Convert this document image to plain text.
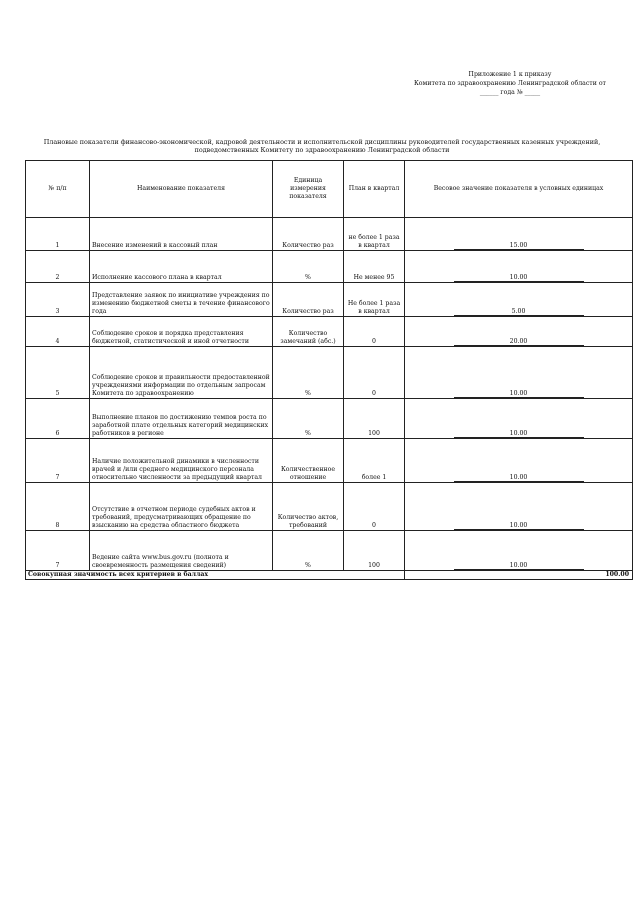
Приложение 1 к приказу
Комитета по здравоохранению Ленинградской области от
______ года № _____
Плановые показатели финансово-экономической, кадровой деятельности и исполнительской дисциплины руководителей государственных казенных учреждений,
подведомственных Комитету по здравоохранению Ленинградской области
№ п/п	Наименование показателя	Единица измерения показателя	План в квартал	Весовое значение показателя в условных единицах
1	Внесение изменений в кассовый план	Количество раз	не более 1 раза в квартал	15.00
2	Исполнение кассового плана в квартал	%	Не менее 95	10.00
3	Представление заявок по инициативе учреждения по изменению бюджетной сметы в течение финансового года	Количество раз	Не более 1 раза в квартал	5.00
4	Соблюдение сроков и порядка представления бюджетной, статистической и иной отчетности	Количество замечаний (абс.)	0	20.00
5	Соблюдение сроков и правильности предоставленной учреждениями информации по отдельным запросам Комитета по здравоохранению	%	0	10.00
6	Выполнение планов по достижению темпов роста по заработной плате отдельных категорий медицинских работников в регионе	%	100	10.00
7	Наличие положительной динамики в численности врачей и /или среднего медицинского персонала относительно численности за предыдущий квартал	Количественное отношение	более 1	10.00
8	Отсутствие в отчетном периоде судебных актов и требований, предусматривающих обращение по взысканию на средства областного бюджета	Количество актов, требований	0	10.00
7	Ведение сайта www.bus.gov.ru (полнота и своевременность размещения сведений)	%	100	10.00
Совокупная значимость всех критериев в баллах				100.00
